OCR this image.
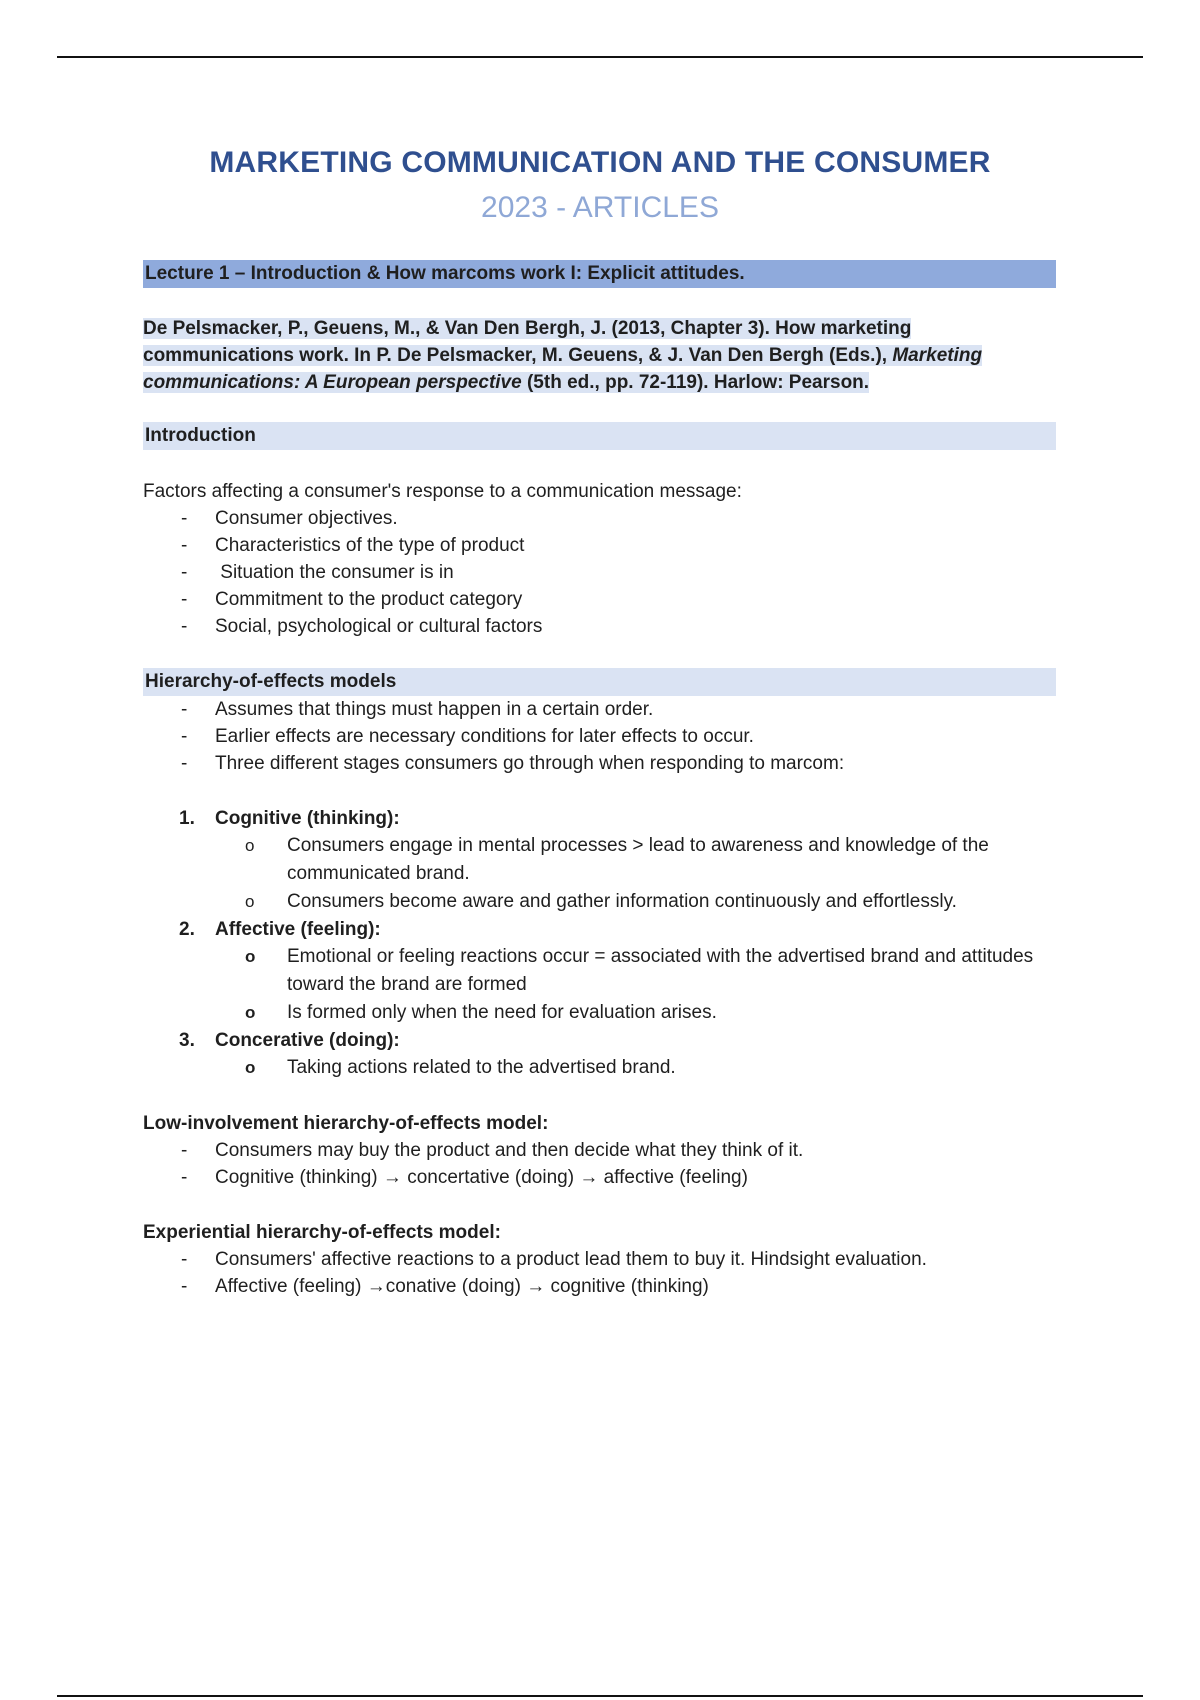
MARKETING COMMUNICATION AND THE CONSUMER
2023 - ARTICLES
Lecture 1 – Introduction & How marcoms work I: Explicit attitudes.
De Pelsmacker, P., Geuens, M., & Van Den Bergh, J. (2013, Chapter 3). How marketing communications work. In P. De Pelsmacker, M. Geuens, & J. Van Den Bergh (Eds.), Marketing communications: A European perspective (5th ed., pp. 72-119). Harlow: Pearson.
Introduction
Factors affecting a consumer's response to a communication message:
- Consumer objectives.
- Characteristics of the type of product
- Situation the consumer is in
- Commitment to the product category
- Social, psychological or cultural factors
Hierarchy-of-effects models
- Assumes that things must happen in a certain order.
- Earlier effects are necessary conditions for later effects to occur.
- Three different stages consumers go through when responding to marcom:
1. Cognitive (thinking):
o Consumers engage in mental processes > lead to awareness and knowledge of the communicated brand.
o Consumers become aware and gather information continuously and effortlessly.
2. Affective (feeling):
o Emotional or feeling reactions occur = associated with the advertised brand and attitudes toward the brand are formed
o Is formed only when the need for evaluation arises.
3. Concerative (doing):
o Taking actions related to the advertised brand.
Low-involvement hierarchy-of-effects model:
- Consumers may buy the product and then decide what they think of it.
- Cognitive (thinking) → concertative (doing) → affective (feeling)
Experiential hierarchy-of-effects model:
- Consumers' affective reactions to a product lead them to buy it. Hindsight evaluation.
- Affective (feeling) →conative (doing) → cognitive (thinking)
